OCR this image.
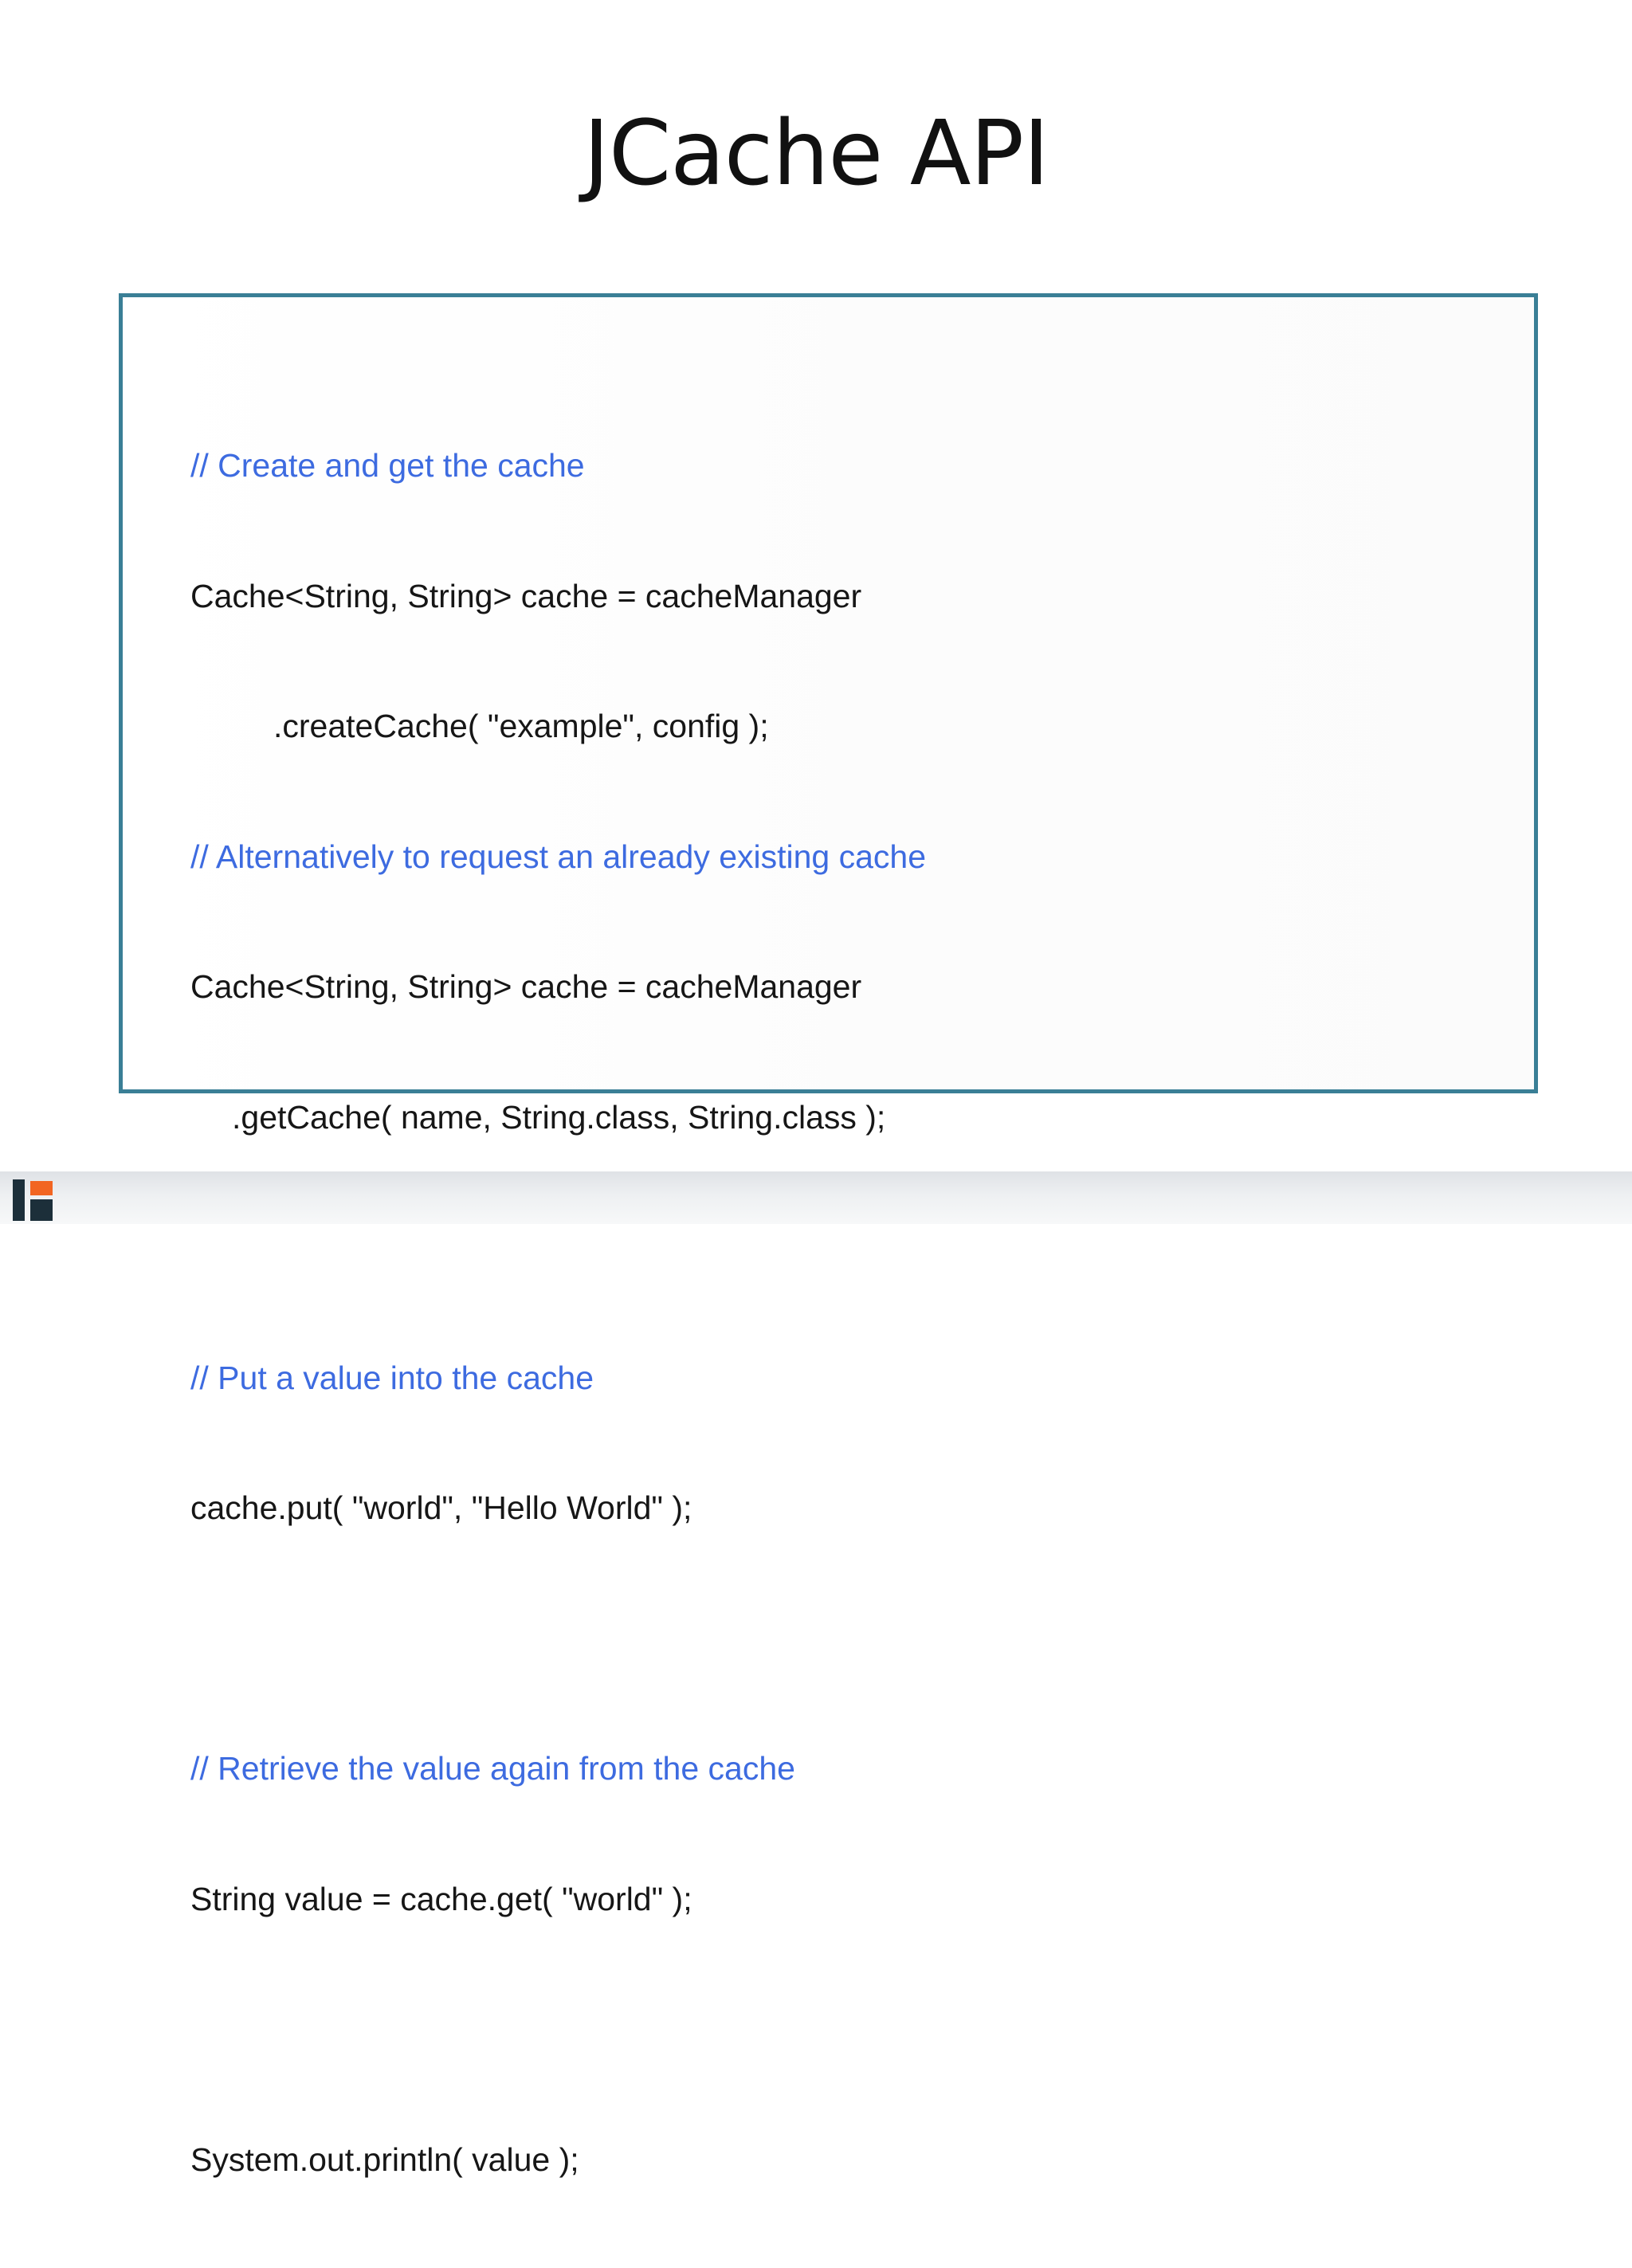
JCache API

// Create and get the cache

Cache<String, String> cache = cacheManager

.createCache( "example", config );

// Alternatively to request an already existing cache

Cache<String, String> cache = cacheManager

.getCache( name, String.class, String.class );

// Put a value into the cache

cache.put( "world", "Hello World" );

// Retrieve the value again from the cache

String value = cache.get( "world" );

System.out.println( value );
